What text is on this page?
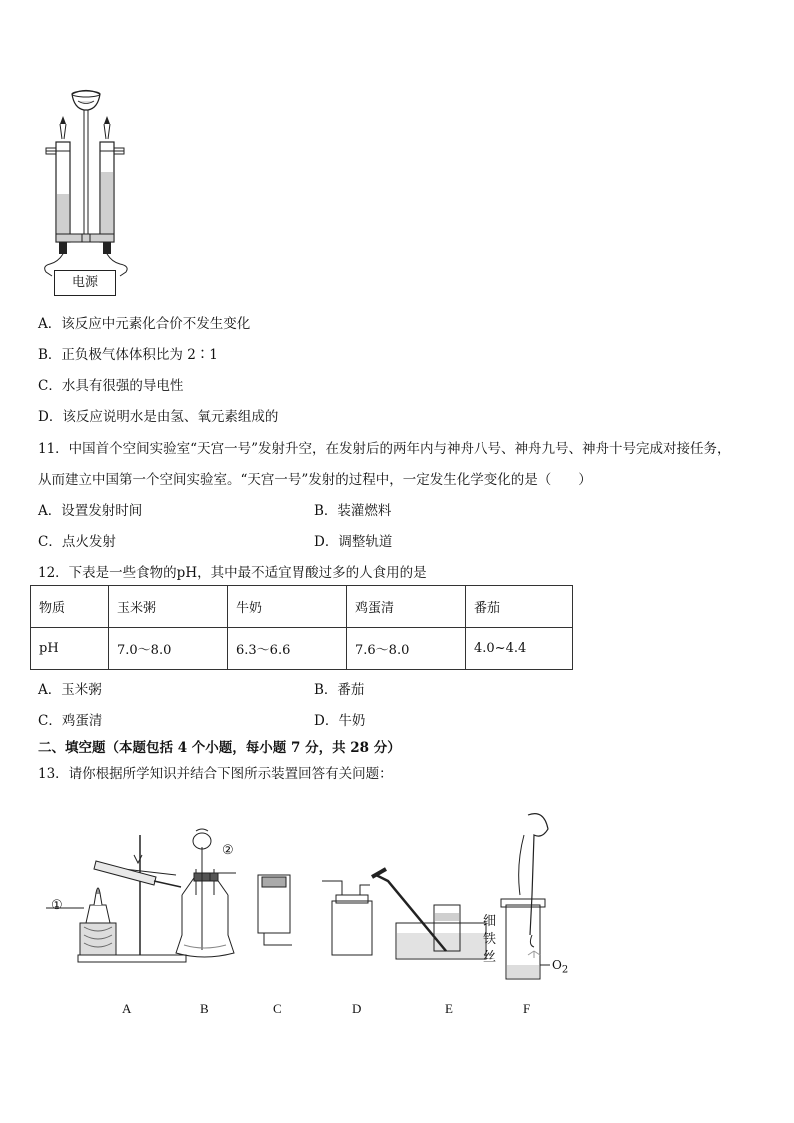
电源
A．该反应中元素化合价不发生变化
B．正负极气体体积比为 2∶1
C．水具有很强的导电性
D．该反应说明水是由氢、氧元素组成的
11．中国首个空间实验室“天宫一号”发射升空，在发射后的两年内与神舟八号、神舟九号、神舟十号完成对接任务，
从而建立中国第一个空间实验室。“天宫一号”发射的过程中，一定发生化学变化的是（　　）
A．设置发射时间	B．装灌燃料
C．点火发射	D．调整轨道
12．下表是一些食物的pH，其中最不适宜胃酸过多的人食用的是
物质	玉米粥	牛奶	鸡蛋清	番茄
pH	7.0～8.0	6.3～6.6	7.6～8.0	4.0~4.4
A．玉米粥	B．番茄
C．鸡蛋清	D．牛奶
二、填空题（本题包括 4 个小题，每小题 7 分，共 28 分）
13．请你根据所学知识并结合下图所示装置回答有关问题：
①
②
细
铁
丝	$O_2$
A	B	C	D	E	F
